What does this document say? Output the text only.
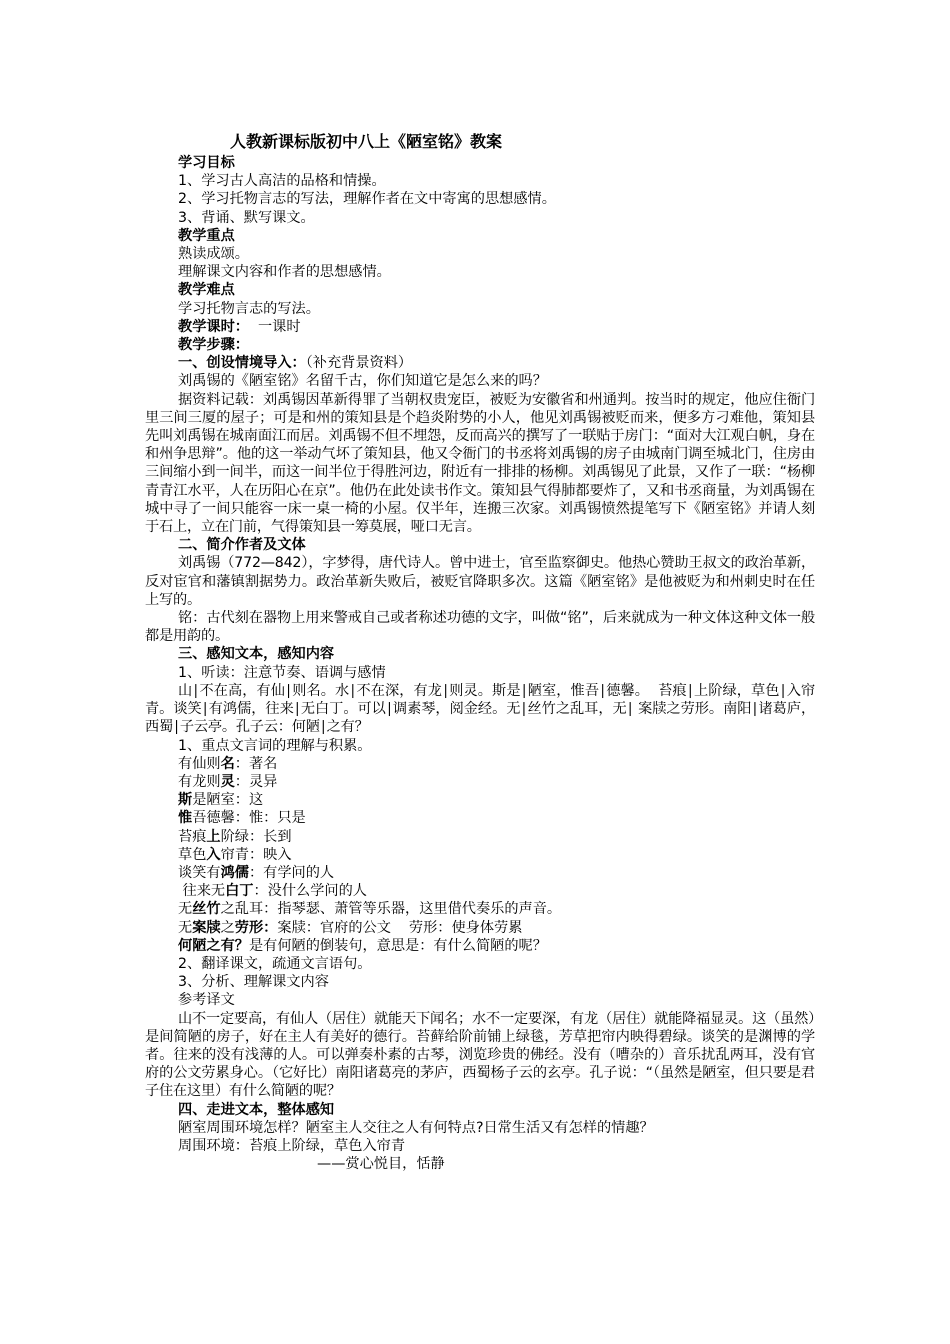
人教新课标版初中八上《陋室铭》教案
学习目标
1、学习古人高洁的品格和情操。
2、学习托物言志的写法，理解作者在文中寄寓的思想感情。
3、背诵、默写课文。
教学重点
熟读成颂。
理解课文内容和作者的思想感情。
教学难点
学习托物言志的写法。
教学课时：  一课时
教学步骤：
一、创设情境导入：（补充背景资料）
刘禹锡的《陋室铭》名留千古，你们知道它是怎么来的吗？
据资料记载：刘禹锡因革新得罪了当朝权贵宠臣，被贬为安徽省和州通判。按当时的规定，他应住衙门里三间三厦的屋子；可是和州的策知县是个趋炎附势的小人，他见刘禹锡被贬而来，便多方刁难他，策知县先叫刘禹锡在城南面江而居。刘禹锡不但不埋怨，反而高兴的撰写了一联贴于房门：“面对大江观白帆，身在和州争思辩”。他的这一举动气坏了策知县，他又令衙门的书丞将刘禹锡的房子由城南门调至城北门，住房由三间缩小到一间半，而这一间半位于得胜河边，附近有一排排的杨柳。刘禹锡见了此景，又作了一联：“杨柳青青江水平，人在历阳心在京”。他仍在此处读书作文。策知县气得肺都要炸了，又和书丞商量，为刘禹锡在城中寻了一间只能容一床一桌一椅的小屋。仅半年，连搬三次家。刘禹锡愤然提笔写下《陋室铭》并请人刻于石上，立在门前，气得策知县一筹莫展，哑口无言。
二、简介作者及文体
刘禹锡（772—842），字梦得，唐代诗人。曾中进士，官至监察御史。他热心赞助王叔文的政治革新，反对宦官和藩镇割据势力。政治革新失败后，被贬官降职多次。这篇《陋室铭》是他被贬为和州刺史时在任上写的。
铭：古代刻在器物上用来警戒自己或者称述功德的文字，叫做“铭”，后来就成为一种文体这种文体一般都是用韵的。
三、感知文本，感知内容
1、听读：注意节奏、语调与感情
山∣不在高，有仙∣则名。水∣不在深，有龙∣则灵。斯是∣陋室，惟吾∣德馨。  苔痕∣上阶绿，草色∣入帘青。谈笑∣有鸿儒，往来∣无白丁。可以∣调素琴，阅金经。无∣丝竹之乱耳，无∣ 案牍之劳形。南阳∣诸葛庐，西蜀∣子云亭。孔子云：何陋∣之有？
1、重点文言词的理解与积累。
有仙则名：著名
有龙则灵：灵异
斯是陋室：这
惟吾德馨：惟：只是
苔痕上阶绿：长到
草色入帘青：映入
谈笑有鸿儒：有学问的人
往来无白丁：没什么学问的人
无丝竹之乱耳：指琴瑟、萧管等乐器，这里借代奏乐的声音。
无案牍之劳形：案牍：官府的公文    劳形：使身体劳累
何陋之有？是有何陋的倒装句，意思是：有什么简陋的呢？
2、翻译课文，疏通文言语句。
3、分析、理解课文内容
参考译文
山不一定要高，有仙人（居住）就能天下闻名；水不一定要深，有龙（居住）就能降福显灵。这（虽然）是间简陋的房子，好在主人有美好的德行。苔藓给阶前铺上绿毯，芳草把帘内映得碧绿。谈笑的是渊博的学者。往来的没有浅薄的人。可以弹奏朴素的古琴，浏览珍贵的佛经。没有（嘈杂的）音乐扰乱两耳，没有官府的公文劳累身心。（它好比）南阳诸葛亮的茅庐，西蜀杨子云的玄亭。孔子说：“（虽然是陋室，但只要是君子住在这里）有什么简陋的呢？
四、走进文本，整体感知
陋室周围环境怎样？陋室主人交往之人有何特点?日常生活又有怎样的情趣？
周围环境：苔痕上阶绿，草色入帘青
——赏心悦目，恬静
